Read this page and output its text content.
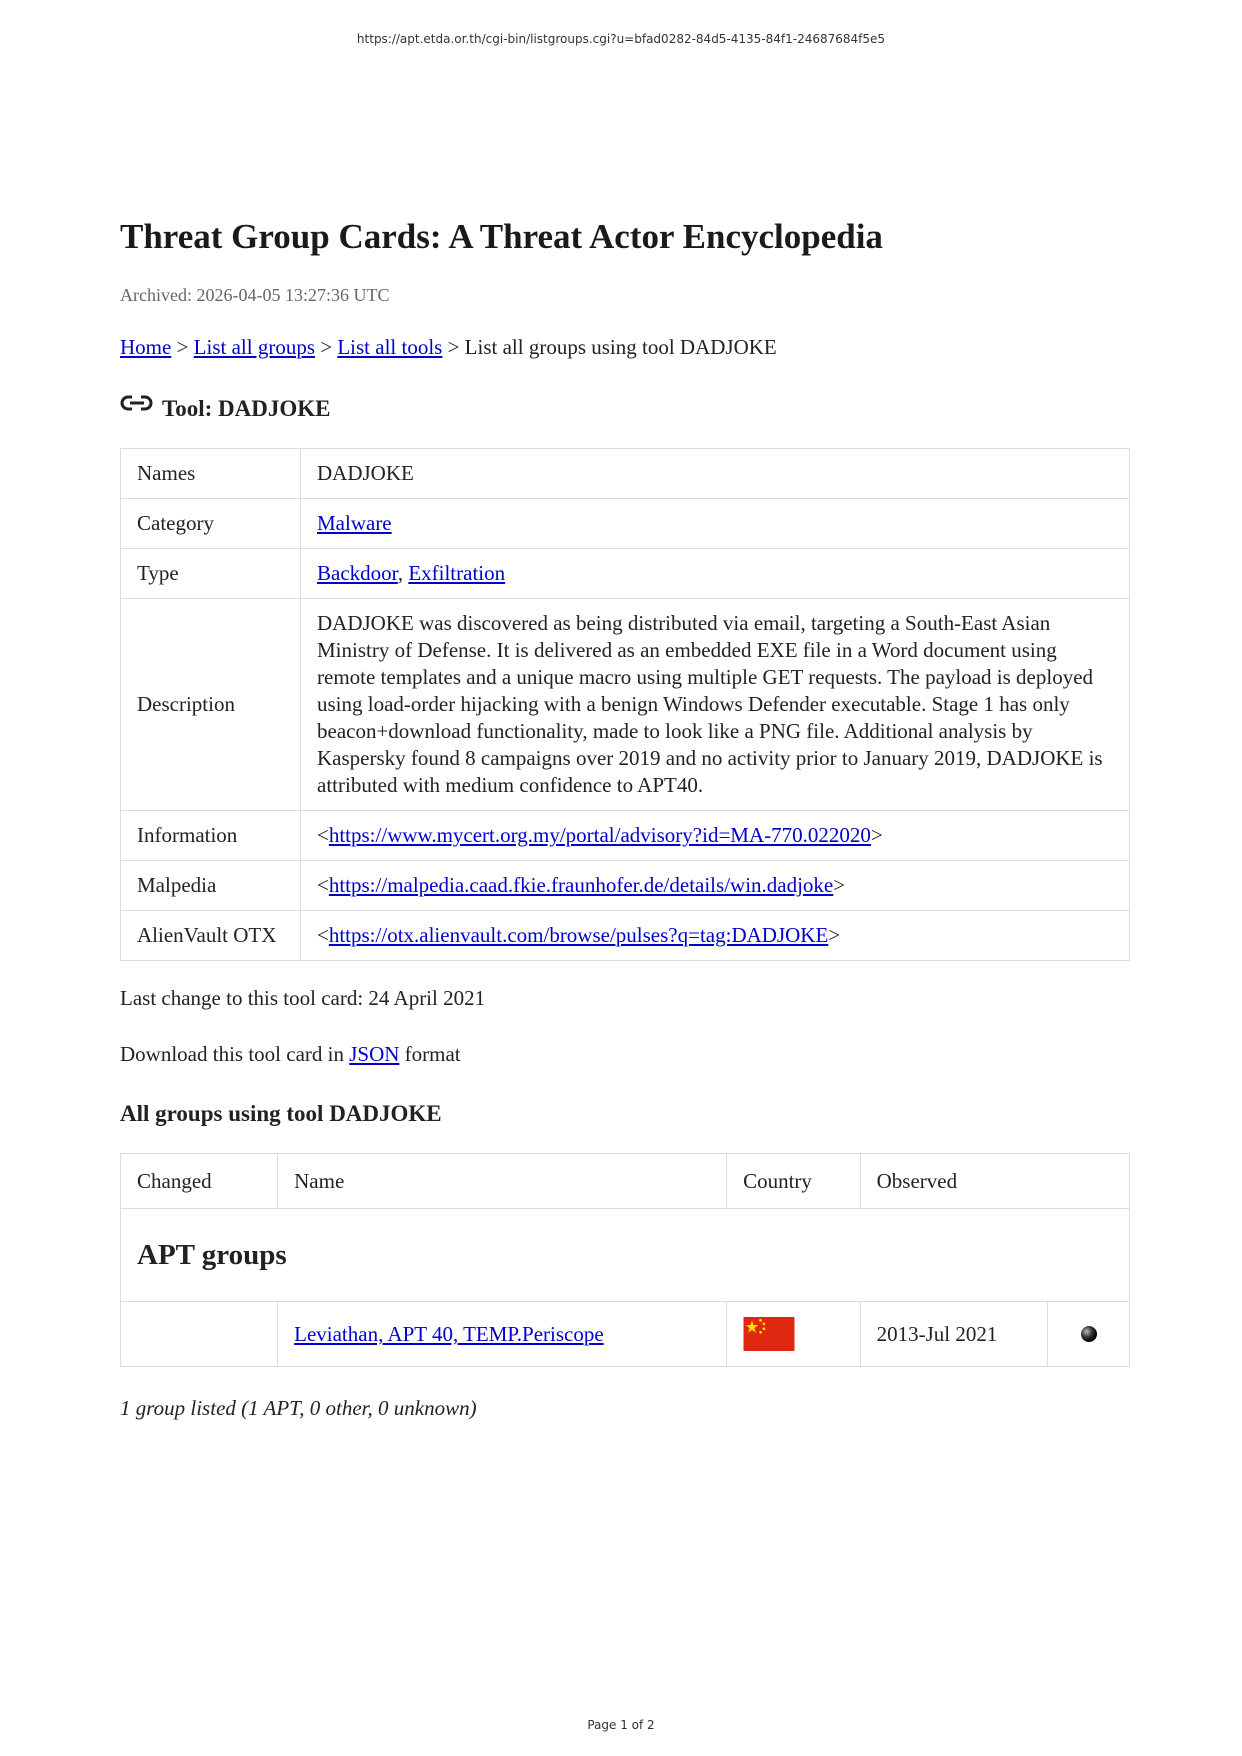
https://apt.etda.or.th/cgi-bin/listgroups.cgi?u=bfad0282-84d5-4135-84f1-24687684f5e5
Threat Group Cards: A Threat Actor Encyclopedia
Archived: 2026-04-05 13:27:36 UTC
Home > List all groups > List all tools > List all groups using tool DADJOKE
Tool: DADJOKE
Names	DADJOKE
Category	Malware
Type	Backdoor, Exfiltration
Description	DADJOKE was discovered as being distributed via email, targeting a South-East Asian Ministry of Defense. It is delivered as an embedded EXE file in a Word document using remote templates and a unique macro using multiple GET requests. The payload is deployed using load-order hijacking with a benign Windows Defender executable. Stage 1 has only beacon+download functionality, made to look like a PNG file. Additional analysis by Kaspersky found 8 campaigns over 2019 and no activity prior to January 2019, DADJOKE is attributed with medium confidence to APT40.
Information	<https://www.mycert.org.my/portal/advisory?id=MA-770.022020>
Malpedia	<https://malpedia.caad.fkie.fraunhofer.de/details/win.dadjoke>
AlienVault OTX	<https://otx.alienvault.com/browse/pulses?q=tag:DADJOKE>
Last change to this tool card: 24 April 2021
Download this tool card in JSON format
All groups using tool DADJOKE
Changed	Name	Country	Observed	
APT groups				
	Leviathan, APT 40, TEMP.Periscope		2013-Jul 2021	
1 group listed (1 APT, 0 other, 0 unknown)
Page 1 of 2
